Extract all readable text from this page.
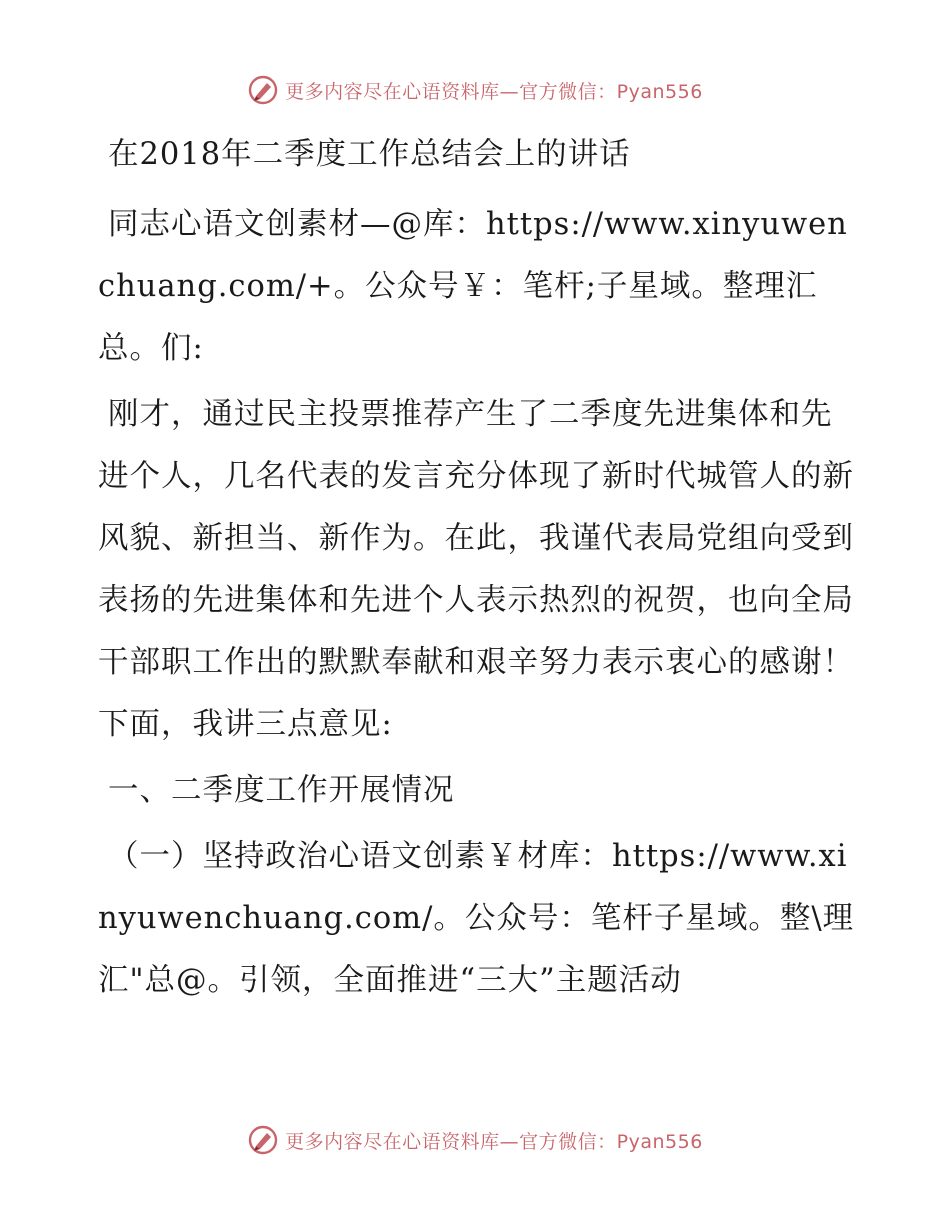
更多内容尽在心语资料库—官方微信：Pyan556

在2018年二季度工作总结会上的讲话

同志心语文创素材—@库：https://www.xinyuwenchuang.com/+。公众号￥：笔杆;子星域。整理汇总。们:

刚才，通过民主投票推荐产生了二季度先进集体和先进个人，几名代表的发言充分体现了新时代城管人的新风貌、新担当、新作为。在此，我谨代表局党组向受到表扬的先进集体和先进个人表示热烈的祝贺，也向全局干部职工作出的默默奉献和艰辛努力表示衷心的感谢！下面，我讲三点意见:

一、二季度工作开展情况

（一）坚持政治心语文创素￥材库：https://www.xinyuwenchuang.com/。公众号：笔杆子星域。整\理汇"总@。引领，全面推进“三大”主题活动

更多内容尽在心语资料库—官方微信：Pyan556
